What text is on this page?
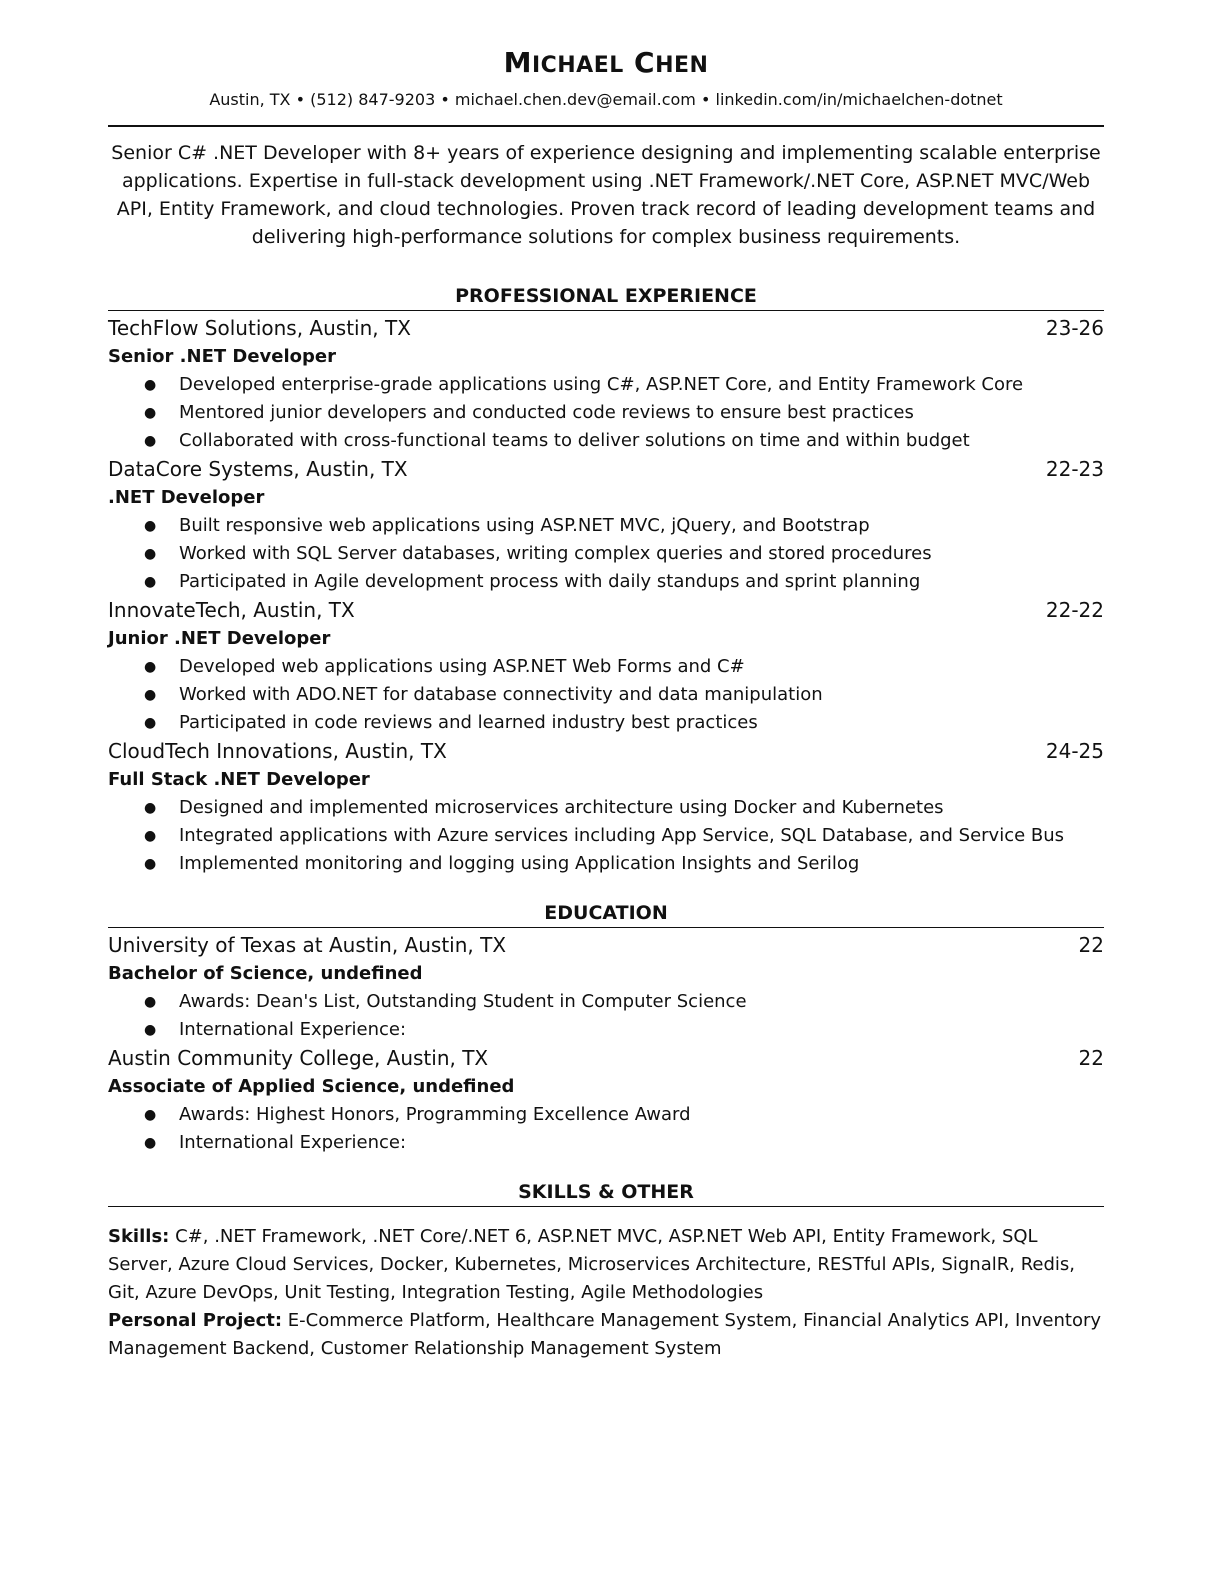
MICHAEL CHEN
Austin, TX • (512) 847-9203 • michael.chen.dev@email.com • linkedin.com/in/michaelchen-dotnet

Senior C# .NET Developer with 8+ years of experience designing and implementing scalable enterprise applications. Expertise in full-stack development using .NET Framework/.NET Core, ASP.NET MVC/Web API, Entity Framework, and cloud technologies. Proven track record of leading development teams and delivering high-performance solutions for complex business requirements.

PROFESSIONAL EXPERIENCE
TechFlow Solutions, Austin, TX	23-26
Senior .NET Developer
● Developed enterprise-grade applications using C#, ASP.NET Core, and Entity Framework Core
● Mentored junior developers and conducted code reviews to ensure best practices
● Collaborated with cross-functional teams to deliver solutions on time and within budget
DataCore Systems, Austin, TX	22-23
.NET Developer
● Built responsive web applications using ASP.NET MVC, jQuery, and Bootstrap
● Worked with SQL Server databases, writing complex queries and stored procedures
● Participated in Agile development process with daily standups and sprint planning
InnovateTech, Austin, TX	22-22
Junior .NET Developer
● Developed web applications using ASP.NET Web Forms and C#
● Worked with ADO.NET for database connectivity and data manipulation
● Participated in code reviews and learned industry best practices
CloudTech Innovations, Austin, TX	24-25
Full Stack .NET Developer
● Designed and implemented microservices architecture using Docker and Kubernetes
● Integrated applications with Azure services including App Service, SQL Database, and Service Bus
● Implemented monitoring and logging using Application Insights and Serilog
EDUCATION
University of Texas at Austin, Austin, TX	22
Bachelor of Science, undefined
● Awards: Dean's List, Outstanding Student in Computer Science
● International Experience:
Austin Community College, Austin, TX	22
Associate of Applied Science, undefined
● Awards: Highest Honors, Programming Excellence Award
● International Experience:
SKILLS & OTHER
Skills: C#, .NET Framework, .NET Core/.NET 6, ASP.NET MVC, ASP.NET Web API, Entity Framework, SQL Server, Azure Cloud Services, Docker, Kubernetes, Microservices Architecture, RESTful APIs, SignalR, Redis, Git, Azure DevOps, Unit Testing, Integration Testing, Agile Methodologies
Personal Project: E-Commerce Platform, Healthcare Management System, Financial Analytics API, Inventory Management Backend, Customer Relationship Management System
